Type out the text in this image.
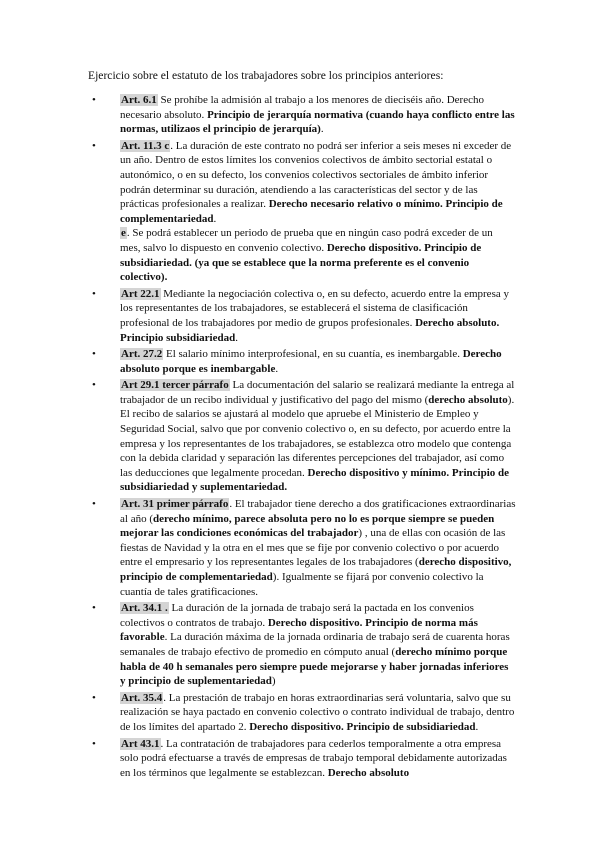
Ejercicio sobre el estatuto de los trabajadores sobre los principios anteriores:

• Art. 6.1 Se prohíbe la admisión al trabajo a los menores de dieciséis año. Derecho necesario absoluto. Principio de jerarquía normativa (cuando haya conflicto entre las normas, utilizaos el principio de jerarquía).
• Art. 11.3 c. La duración de este contrato no podrá ser inferior a seis meses ni exceder de un año. Dentro de estos límites los convenios colectivos de ámbito sectorial estatal o autonómico, o en su defecto, los convenios colectivos sectoriales de ámbito inferior podrán determinar su duración, atendiendo a las características del sector y de las prácticas profesionales a realizar. Derecho necesario relativo o mínimo. Principio de complementariedad.
e. Se podrá establecer un periodo de prueba que en ningún caso podrá exceder de un mes, salvo lo dispuesto en convenio colectivo. Derecho dispositivo. Principio de subsidiariedad. (ya que se establece que la norma preferente es el convenio colectivo).
• Art 22.1 Mediante la negociación colectiva o, en su defecto, acuerdo entre la empresa y los representantes de los trabajadores, se establecerá el sistema de clasificación profesional de los trabajadores por medio de grupos profesionales. Derecho absoluto. Principio subsidiariedad.
• Art. 27.2 El salario mínimo interprofesional, en su cuantía, es inembargable. Derecho absoluto porque es inembargable.
• Art 29.1 tercer párrafo La documentación del salario se realizará mediante la entrega al trabajador de un recibo individual y justificativo del pago del mismo (derecho absoluto). El recibo de salarios se ajustará al modelo que apruebe el Ministerio de Empleo y Seguridad Social, salvo que por convenio colectivo o, en su defecto, por acuerdo entre la empresa y los representantes de los trabajadores, se establezca otro modelo que contenga con la debida claridad y separación las diferentes percepciones del trabajador, así como las deducciones que legalmente procedan. Derecho dispositivo y mínimo. Principio de subsidiariedad y suplementariedad.
• Art. 31 primer párrafo. El trabajador tiene derecho a dos gratificaciones extraordinarias al año (derecho mínimo, parece absoluta pero no lo es porque siempre se pueden mejorar las condiciones económicas del trabajador) , una de ellas con ocasión de las fiestas de Navidad y la otra en el mes que se fije por convenio colectivo o por acuerdo entre el empresario y los representantes legales de los trabajadores (derecho dispositivo, principio de complementariedad). Igualmente se fijará por convenio colectivo la cuantía de tales gratificaciones.
• Art. 34.1 . La duración de la jornada de trabajo será la pactada en los convenios colectivos o contratos de trabajo. Derecho dispositivo. Principio de norma más favorable. La duración máxima de la jornada ordinaria de trabajo será de cuarenta horas semanales de trabajo efectivo de promedio en cómputo anual (derecho mínimo porque habla de 40 h semanales pero siempre puede mejorarse y haber jornadas inferiores y principio de suplementariedad)
• Art. 35.4. La prestación de trabajo en horas extraordinarias será voluntaria, salvo que su realización se haya pactado en convenio colectivo o contrato individual de trabajo, dentro de los límites del apartado 2. Derecho dispositivo. Principio de subsidiariedad.
• Art 43.1. La contratación de trabajadores para cederlos temporalmente a otra empresa solo podrá efectuarse a través de empresas de trabajo temporal debidamente autorizadas en los términos que legalmente se establezcan. Derecho absoluto
